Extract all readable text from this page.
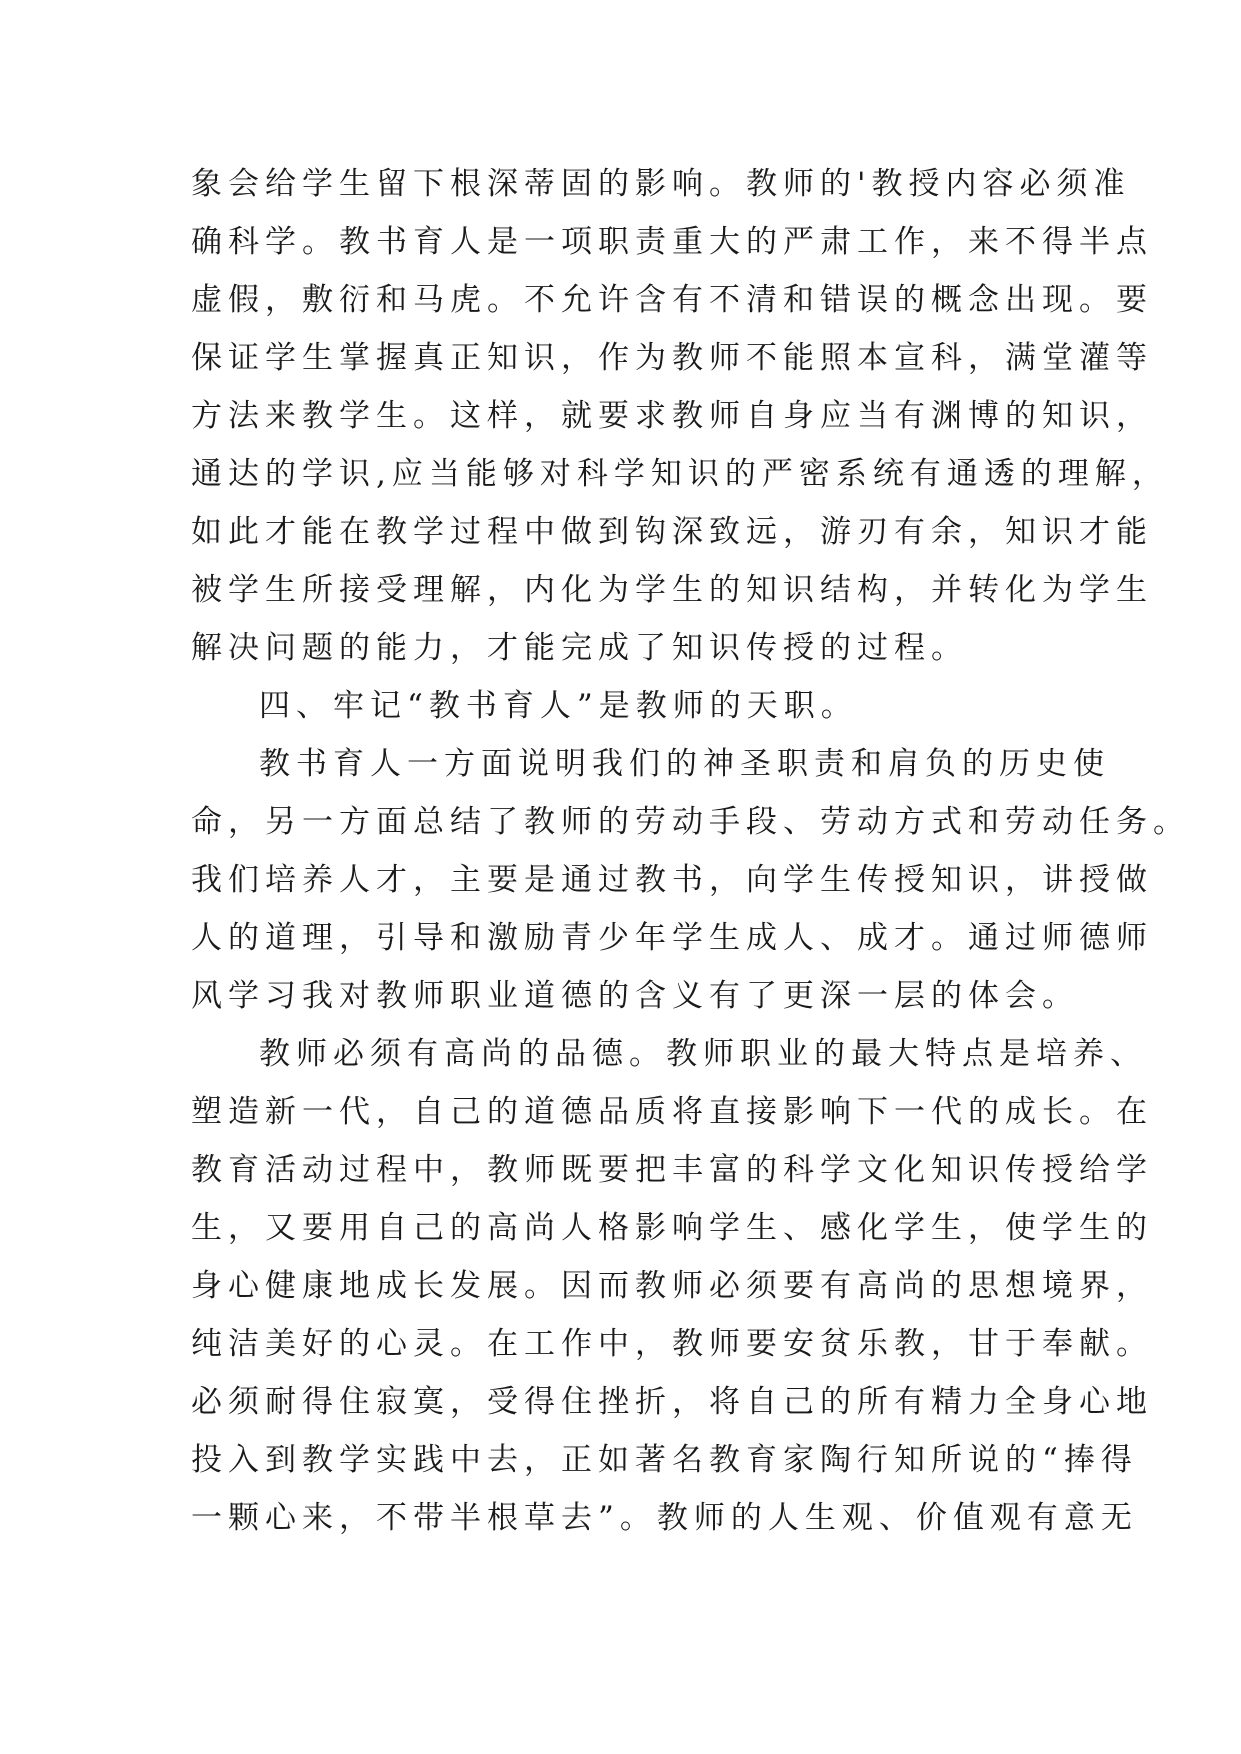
象会给学生留下根深蒂固的影响。教师的'教授内容必须准

确科学。教书育人是一项职责重大的严肃工作，来不得半点

虚假，敷衍和马虎。不允许含有不清和错误的概念出现。要

保证学生掌握真正知识，作为教师不能照本宣科，满堂灌等

方法来教学生。这样，就要求教师自身应当有渊博的知识，

通达的学识,应当能够对科学知识的严密系统有通透的理解，

如此才能在教学过程中做到钩深致远，游刃有余，知识才能

被学生所接受理解，内化为学生的知识结构，并转化为学生

解决问题的能力，才能完成了知识传授的过程。

四、牢记“教书育人”是教师的天职。

教书育人一方面说明我们的神圣职责和肩负的历史使

命，另一方面总结了教师的劳动手段、劳动方式和劳动任务。

我们培养人才，主要是通过教书，向学生传授知识，讲授做

人的道理，引导和激励青少年学生成人、成才。通过师德师

风学习我对教师职业道德的含义有了更深一层的体会。

教师必须有高尚的品德。教师职业的最大特点是培养、

塑造新一代，自己的道德品质将直接影响下一代的成长。在

教育活动过程中，教师既要把丰富的科学文化知识传授给学

生，又要用自己的高尚人格影响学生、感化学生，使学生的

身心健康地成长发展。因而教师必须要有高尚的思想境界，

纯洁美好的心灵。在工作中，教师要安贫乐教，甘于奉献。

必须耐得住寂寞，受得住挫折，将自己的所有精力全身心地

投入到教学实践中去，正如著名教育家陶行知所说的“捧得

一颗心来，不带半根草去”。教师的人生观、价值观有意无
